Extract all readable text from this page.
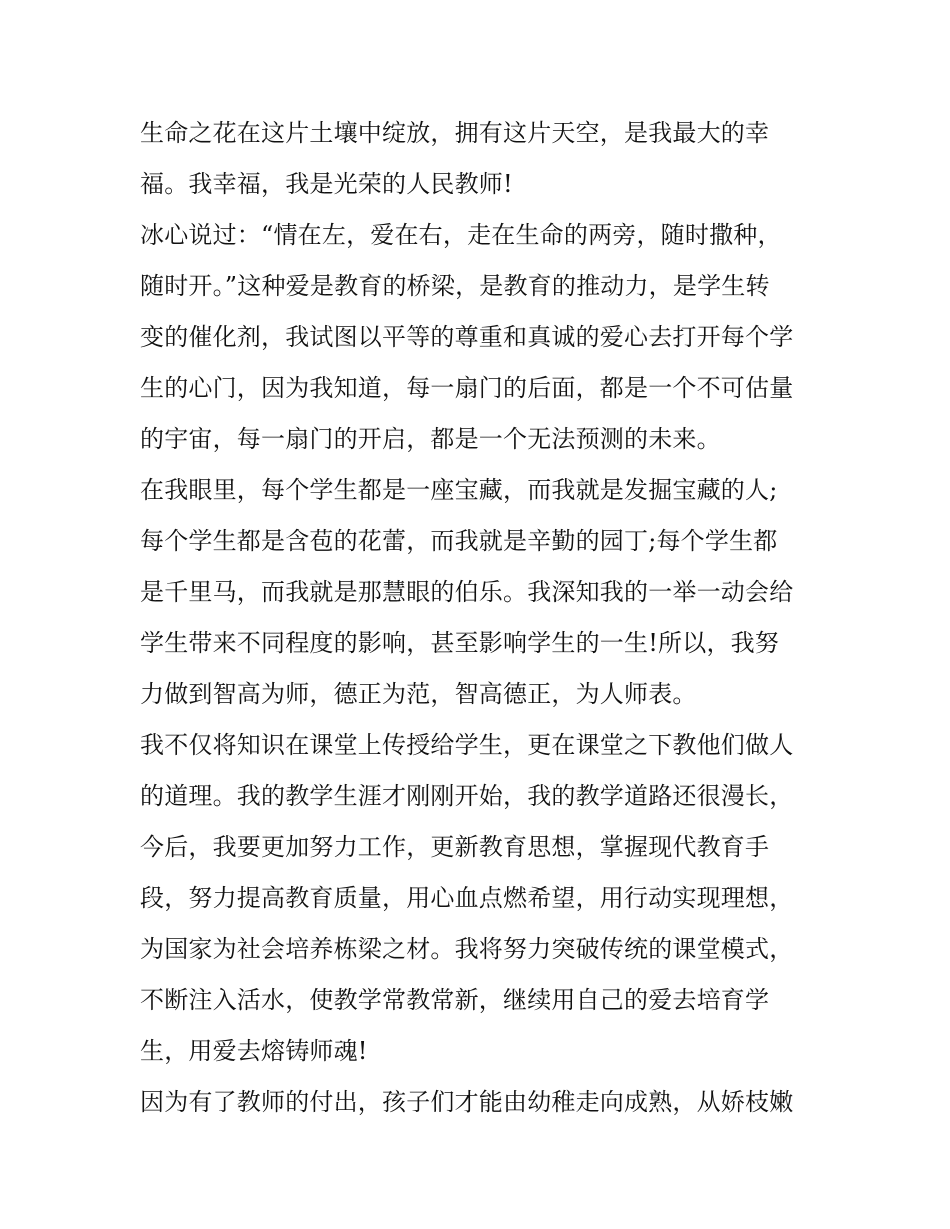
生命之花在这片土壤中绽放，拥有这片天空，是我最大的幸
福。我幸福，我是光荣的人民教师!
冰心说过：“情在左，爱在右，走在生命的两旁，随时撒种，
随时开。”这种爱是教育的桥梁，是教育的推动力，是学生转
变的催化剂，我试图以平等的尊重和真诚的爱心去打开每个学
生的心门，因为我知道，每一扇门的后面，都是一个不可估量
的宇宙，每一扇门的开启，都是一个无法预测的未来。
在我眼里，每个学生都是一座宝藏，而我就是发掘宝藏的人;
每个学生都是含苞的花蕾，而我就是辛勤的园丁;每个学生都
是千里马，而我就是那慧眼的伯乐。我深知我的一举一动会给
学生带来不同程度的影响，甚至影响学生的一生!所以，我努
力做到智高为师，德正为范，智高德正，为人师表。
我不仅将知识在课堂上传授给学生，更在课堂之下教他们做人
的道理。我的教学生涯才刚刚开始，我的教学道路还很漫长，
今后，我要更加努力工作，更新教育思想，掌握现代教育手
段，努力提高教育质量，用心血点燃希望，用行动实现理想，
为国家为社会培养栋梁之材。我将努力突破传统的课堂模式，
不断注入活水，使教学常教常新，继续用自己的爱去培育学
生，用爱去熔铸师魂!
因为有了教师的付出，孩子们才能由幼稚走向成熟，从娇枝嫩
